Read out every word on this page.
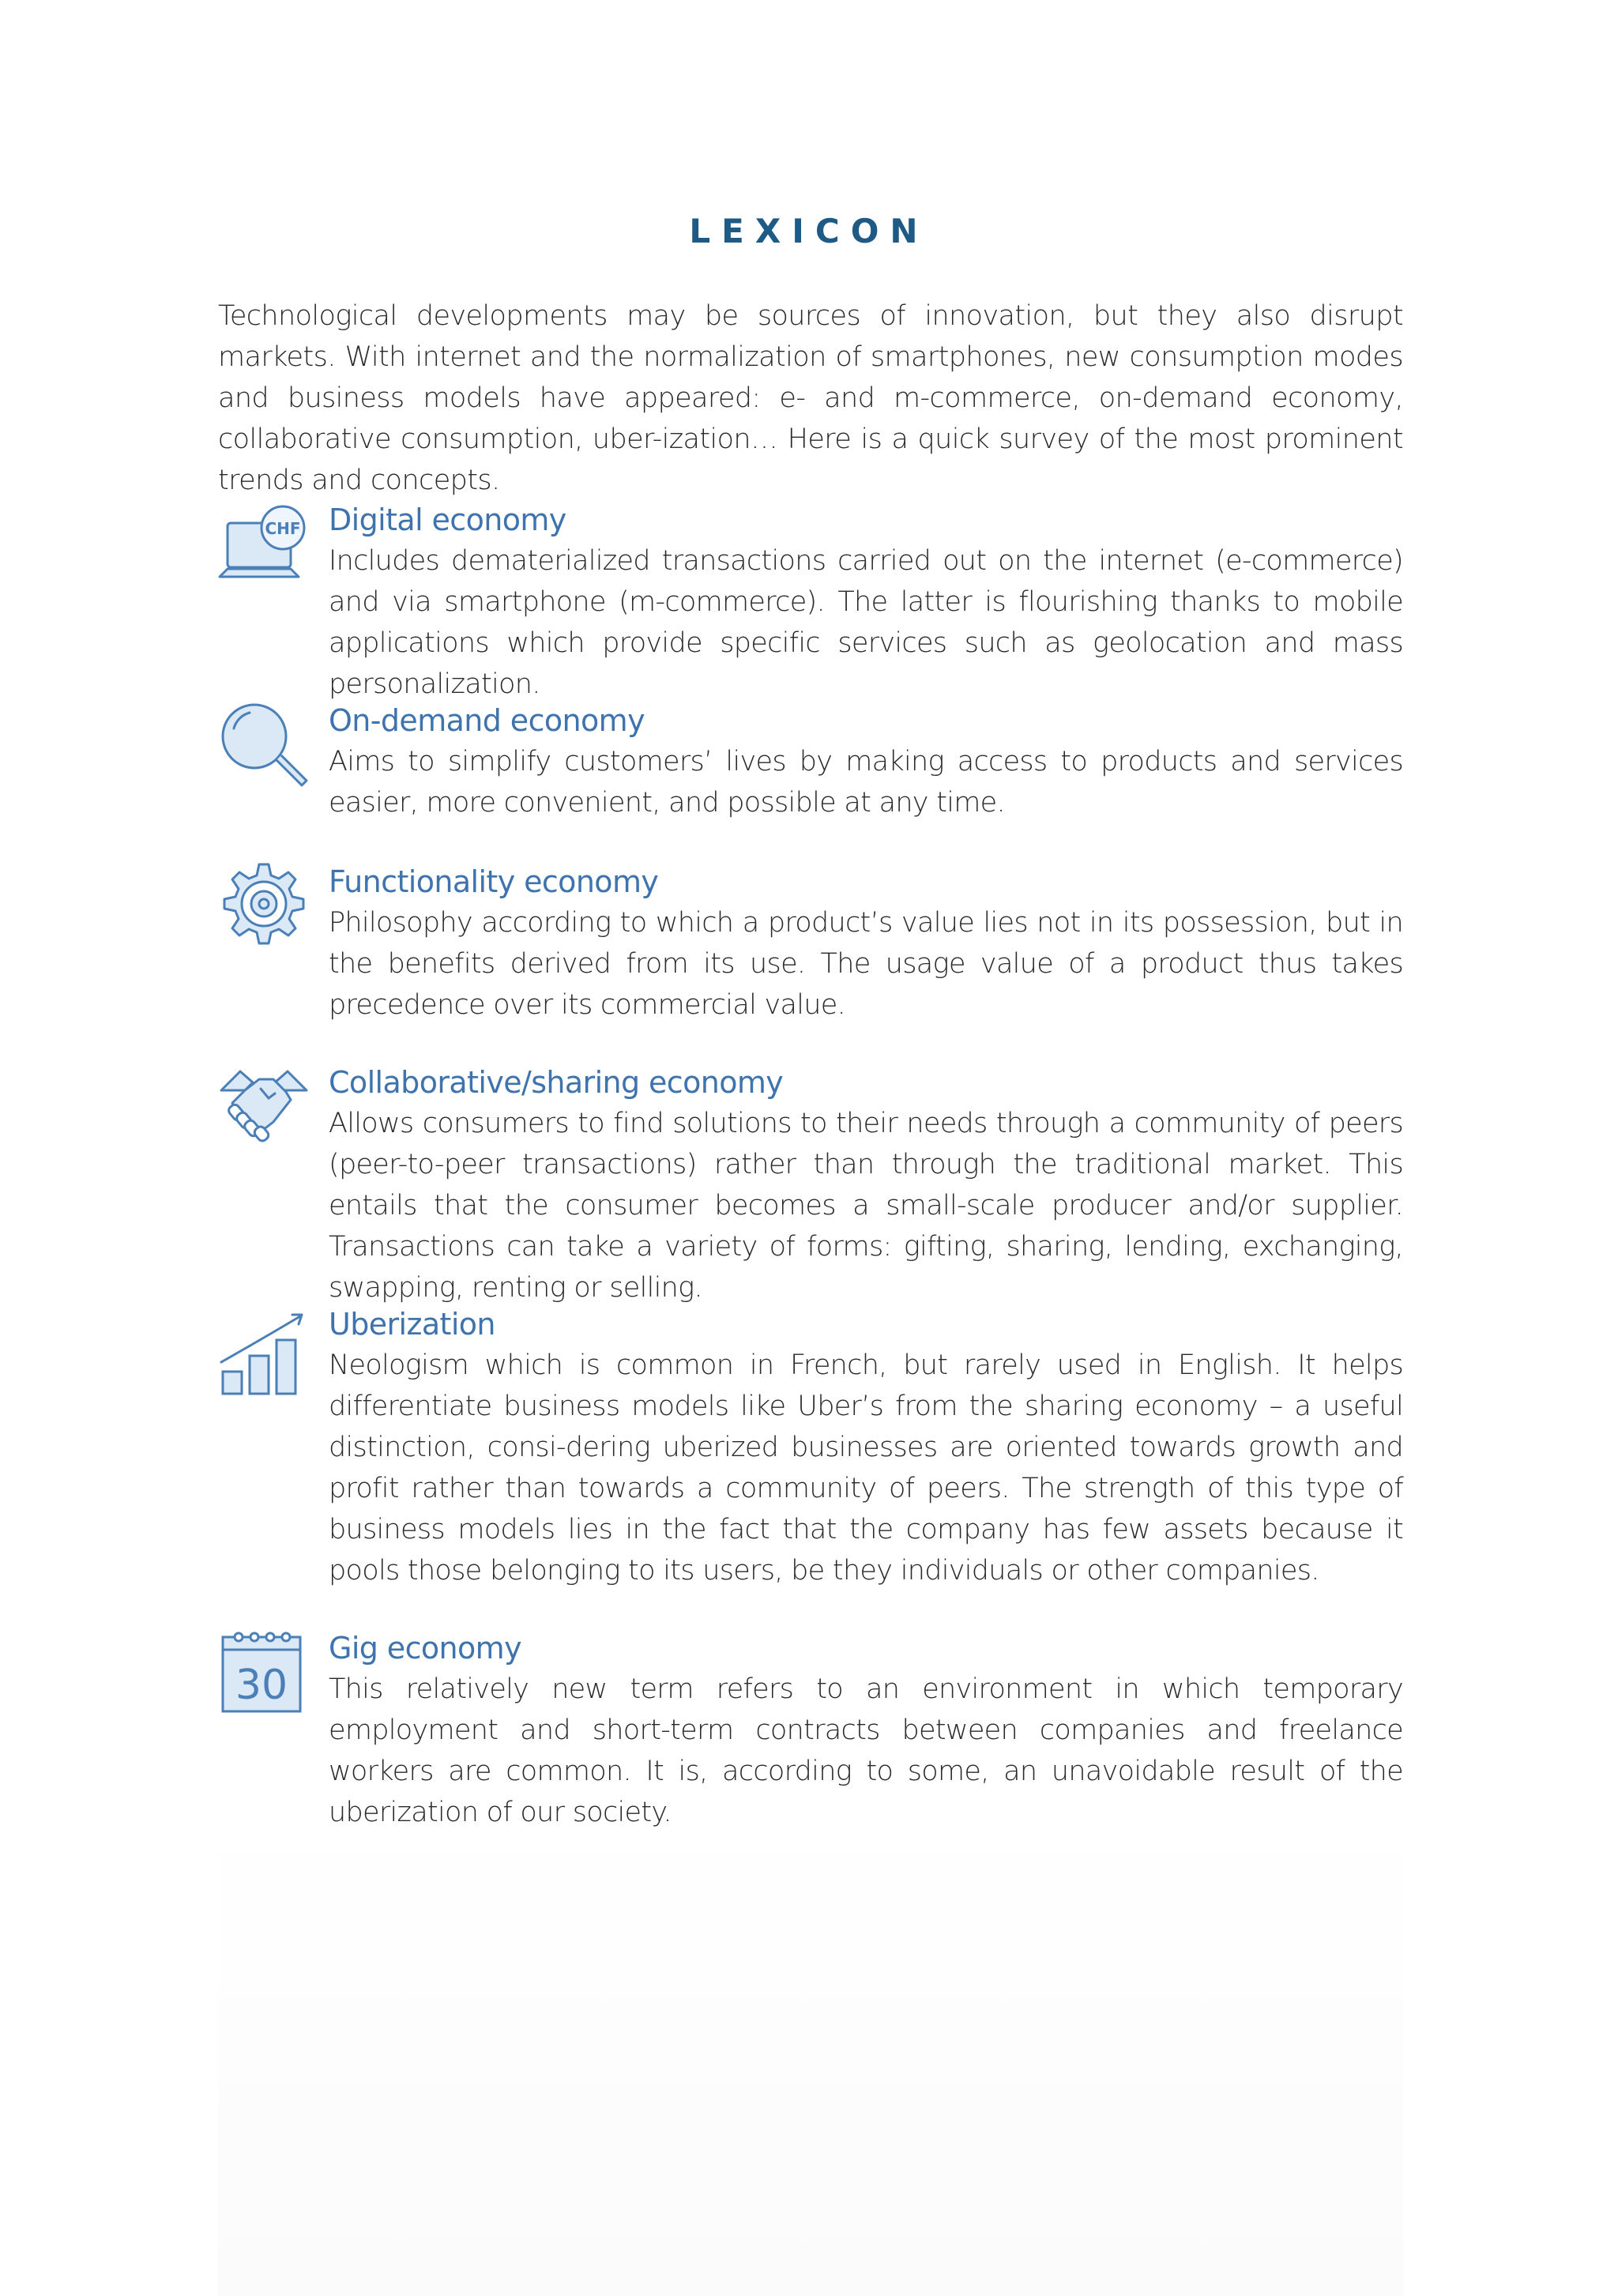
LEXICON
Technological developments may be sources of innovation, but they also disrupt markets. With internet and the normalization of smartphones, new consumption modes and business models have appeared: e- and m-commerce, on-demand economy, collaborative consumption, uber-ization… Here is a quick survey of the most prominent trends and concepts.
CHF Digital economy

Includes dematerialized transactions carried out on the internet (e-commerce) and via smartphone (m-commerce). The latter is flourishing thanks to mobile applications which provide specific services such as geolocation and mass personalization.

On-demand economy

Aims to simplify customers’ lives by making access to products and services easier, more convenient, and possible at any time.

Functionality economy

Philosophy according to which a product’s value lies not in its possession, but in the benefits derived from its use. The usage value of a product thus takes precedence over its commercial value.

Collaborative/sharing economy

Allows consumers to find solutions to their needs through a community of peers (peer-to-peer transactions) rather than through the traditional market. This entails that the consumer becomes a small-scale producer and/or supplier. Transactions can take a variety of forms: gifting, sharing, lending, exchanging, swapping, renting or selling.

Uberization

Neologism which is common in French, but rarely used in English. It helps differentiate business models like Uber’s from the sharing economy – a useful distinction, consi-dering uberized businesses are oriented towards growth and profit rather than towards a community of peers. The strength of this type of business models lies in the fact that the company has few assets because it pools those belonging to its users, be they individuals or other companies.

30
Gig economy

This relatively new term refers to an environment in which temporary employment and short-term contracts between companies and freelance workers are common. It is, according to some, an unavoidable result of the uberization of our society.
